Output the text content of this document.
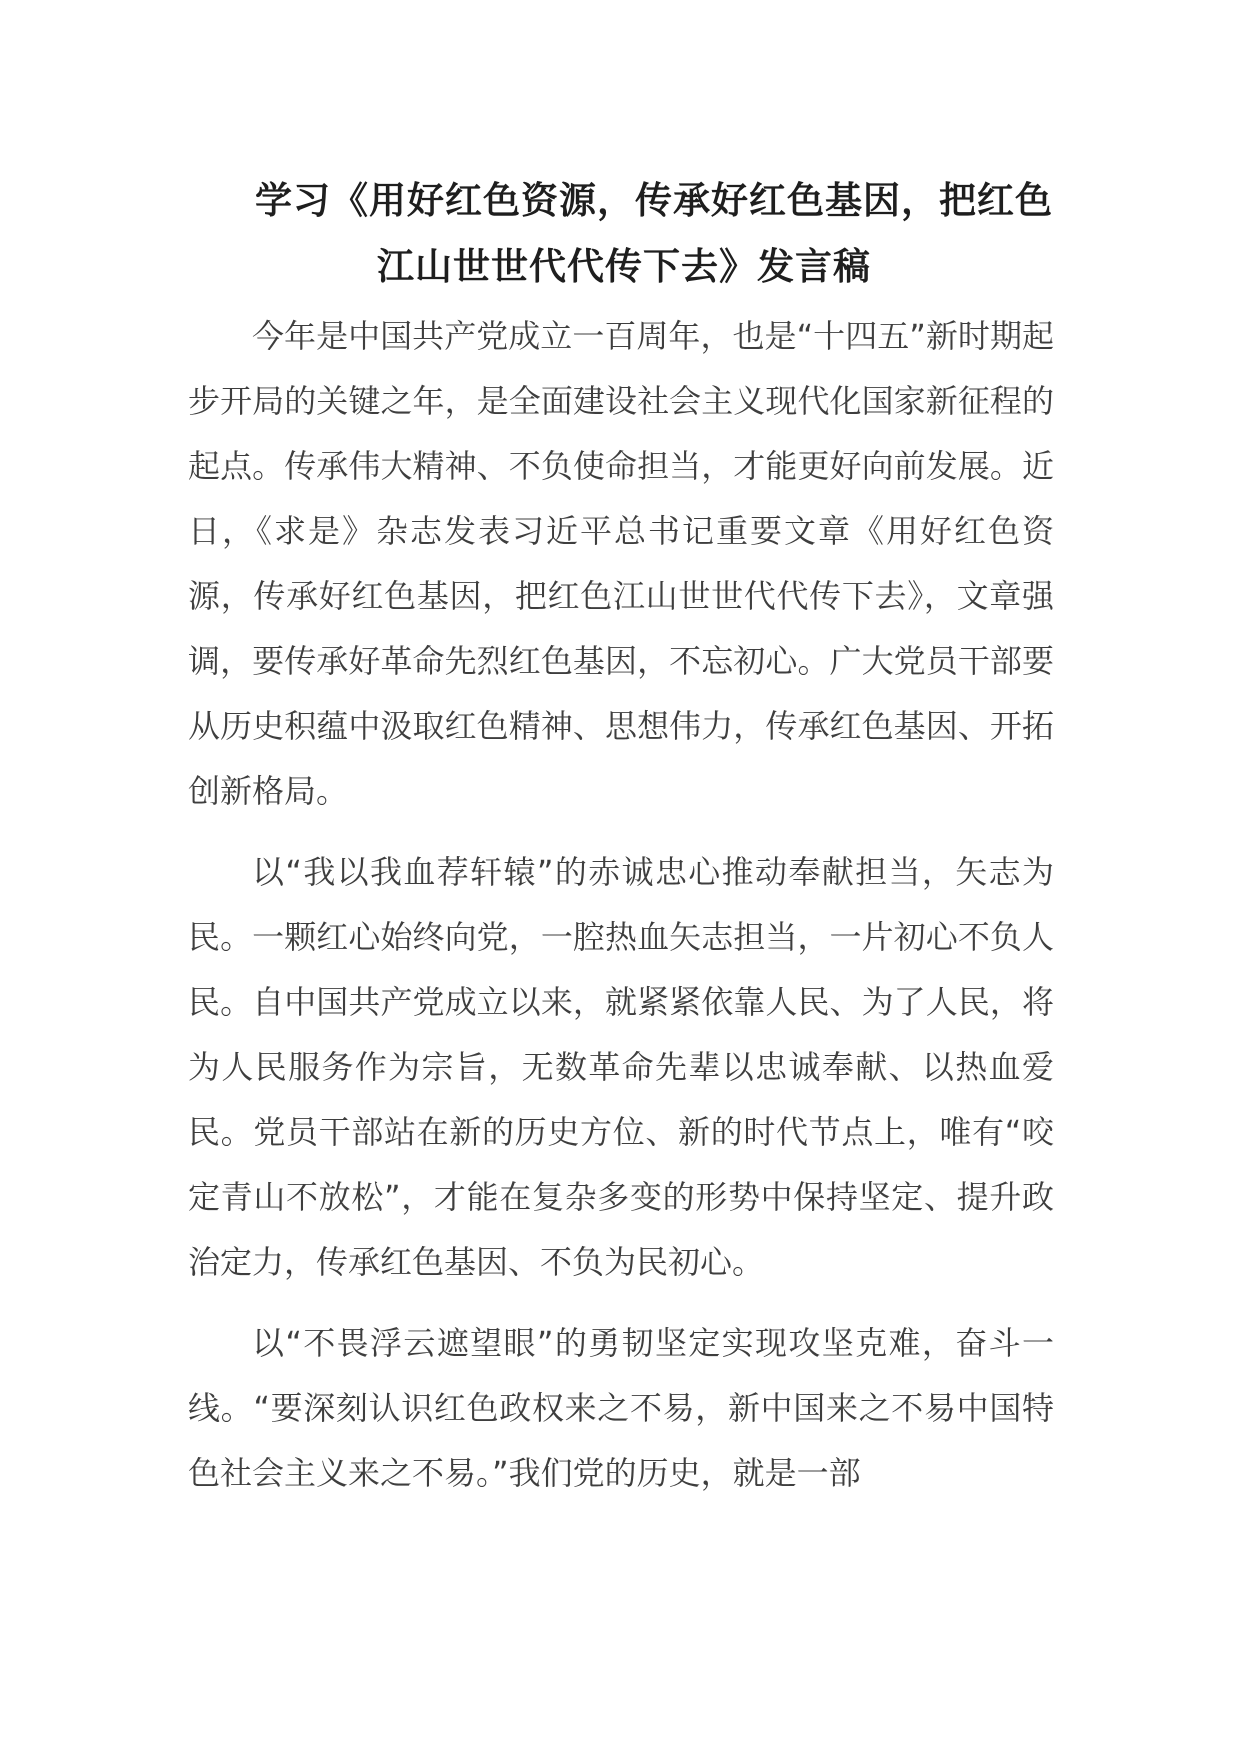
学习《用好红色资源，传承好红色基因，把红色
江山世世代代传下去》发言稿

今年是中国共产党成立一百周年，也是“十四五”新时期起步开局的关键之年，是全面建设社会主义现代化国家新征程的起点。传承伟大精神、不负使命担当，才能更好向前发展。近日，《求是》杂志发表习近平总书记重要文章《用好红色资源，传承好红色基因，把红色江山世世代代传下去》，文章强调，要传承好革命先烈红色基因，不忘初心。广大党员干部要从历史积蕴中汲取红色精神、思想伟力，传承红色基因、开拓创新格局。

以“我以我血荐轩辕”的赤诚忠心推动奉献担当，矢志为民。一颗红心始终向党，一腔热血矢志担当，一片初心不负人民。自中国共产党成立以来，就紧紧依靠人民、为了人民，将为人民服务作为宗旨，无数革命先辈以忠诚奉献、以热血爱民。党员干部站在新的历史方位、新的时代节点上，唯有“咬定青山不放松”，才能在复杂多变的形势中保持坚定、提升政治定力，传承红色基因、不负为民初心。

以“不畏浮云遮望眼”的勇韧坚定实现攻坚克难，奋斗一线。“要深刻认识红色政权来之不易，新中国来之不易中国特色社会主义来之不易。”我们党的历史，就是一部
